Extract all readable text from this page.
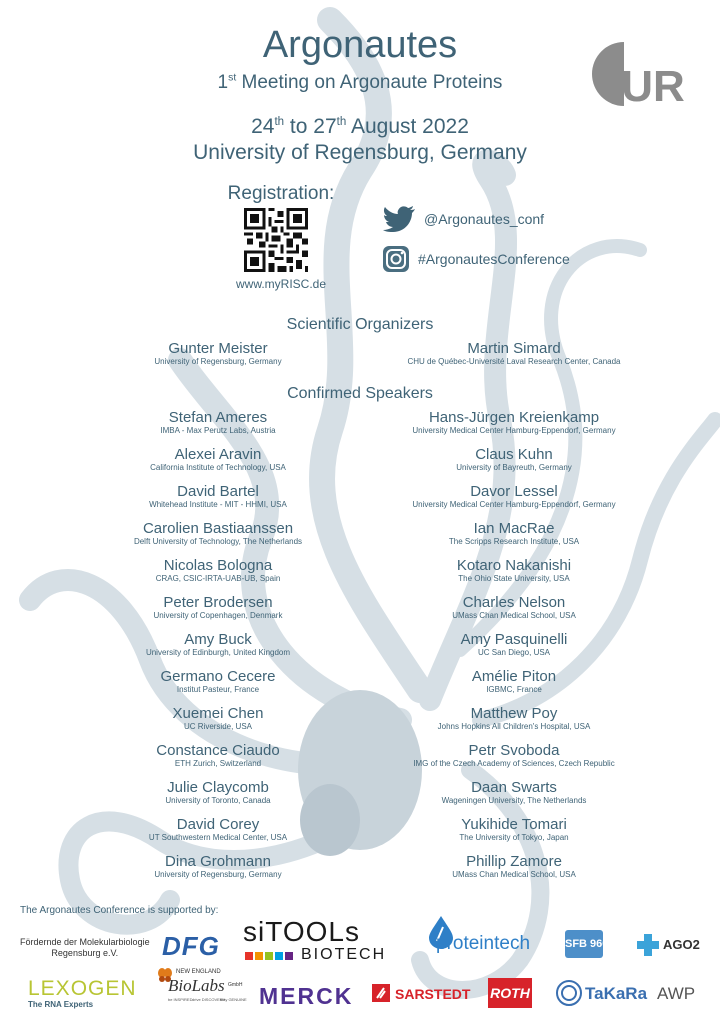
Argonautes
1st Meeting on Argonaute Proteins
24th to 27th August 2022
University of Regensburg, Germany
UR
Registration:
www.myRISC.de
@Argonautes_conf
#ArgonautesConference
Scientific Organizers
Gunter Meister
University of Regensburg, Germany
Martin Simard
CHU de Québec-Université Laval Research Center, Canada
Confirmed Speakers
Stefan Ameres
IMBA - Max Perutz Labs, Austria
Alexei Aravin
California Institute of Technology, USA
David Bartel
Whitehead Institute - MIT - HHMI, USA
Carolien Bastiaanssen
Delft University of Technology, The Netherlands
Nicolas Bologna
CRAG, CSIC-IRTA-UAB-UB, Spain
Peter Brodersen
University of Copenhagen, Denmark
Amy Buck
University of Edinburgh, United Kingdom
Germano Cecere
Institut Pasteur, France
Xuemei Chen
UC Riverside, USA
Constance Ciaudo
ETH Zurich, Switzerland
Julie Claycomb
University of Toronto, Canada
David Corey
UT Southwestern Medical Center, USA
Dina Grohmann
University of Regensburg, Germany
Hans-Jürgen Kreienkamp
University Medical Center Hamburg-Eppendorf, Germany
Claus Kuhn
University of Bayreuth, Germany
Davor Lessel
University Medical Center Hamburg-Eppendorf, Germany
Ian MacRae
The Scripps Research Institute, USA
Kotaro Nakanishi
The Ohio State University, USA
Charles Nelson
UMass Chan Medical School, USA
Amy Pasquinelli
UC San Diego, USA
Amélie Piton
IGBMC, France
Matthew Poy
Johns Hopkins All Children's Hospital, USA
Petr Svoboda
IMG of the Czech Academy of Sciences, Czech Republic
Daan Swarts
Wageningen University, The Netherlands
Yukihide Tomari
The University of Tokyo, Japan
Phillip Zamore
UMass Chan Medical School, USA
The Argonautes Conference is supported by:
Fördernde der Molekularbiologie
Regensburg e.V.	DFG siTOOLs
BIOTECH
proteintech	SFB 960	AGO2
LEXOGEN
The RNA Experts
NEW ENGLAND
BioLabs GmbH
be INSPIRED drive DISCOVERY
stay GENUINE MERCK	SARSTEDT ROTH	TaKaRa AWP
